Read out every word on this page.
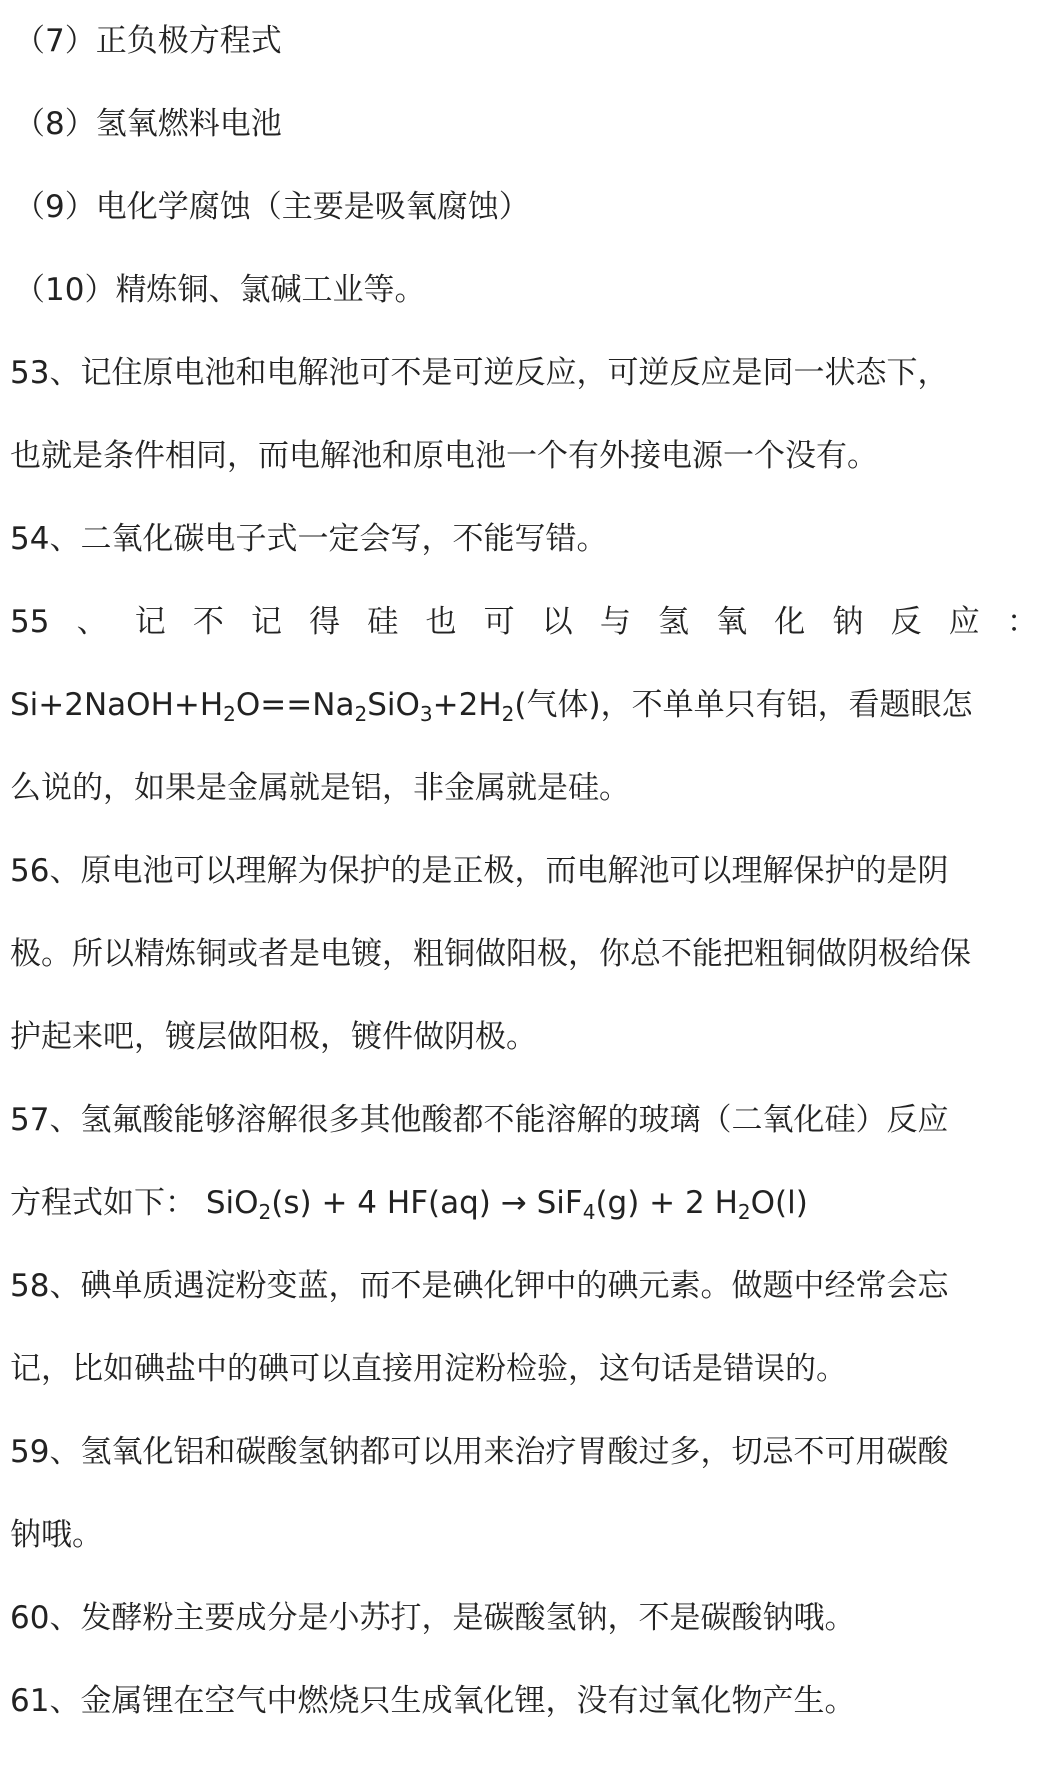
（7）正负极方程式
（8）氢氧燃料电池
（9）电化学腐蚀（主要是吸氧腐蚀）
（10）精炼铜、氯碱工业等。
53、记住原电池和电解池可不是可逆反应，可逆反应是同一状态下，
也就是条件相同，而电解池和原电池一个有外接电源一个没有。
54、二氧化碳电子式一定会写，不能写错。
55 、 记 不 记 得 硅 也 可 以 与 氢 氧 化 钠 反 应 ：
$Si+2NaOH+H_2O==Na_2SiO_3+2H_2$(气体)，不单单只有铝，看题眼怎
么说的，如果是金属就是铝，非金属就是硅。
56、原电池可以理解为保护的是正极，而电解池可以理解保护的是阴
极。所以精炼铜或者是电镀，粗铜做阳极，你总不能把粗铜做阴极给保
护起来吧，镀层做阳极，镀件做阴极。
57、氢氟酸能够溶解很多其他酸都不能溶解的玻璃（二氧化硅）反应
方程式如下： SiO$_2$(s) + 4 HF(aq) → SiF$_4$(g) + 2 $H_2O(l)$
58、碘单质遇淀粉变蓝，而不是碘化钾中的碘元素。做题中经常会忘
记，比如碘盐中的碘可以直接用淀粉检验，这句话是错误的。
59、氢氧化铝和碳酸氢钠都可以用来治疗胃酸过多，切忌不可用碳酸
钠哦。
60、发酵粉主要成分是小苏打，是碳酸氢钠，不是碳酸钠哦。
61、金属锂在空气中燃烧只生成氧化锂，没有过氧化物产生。
